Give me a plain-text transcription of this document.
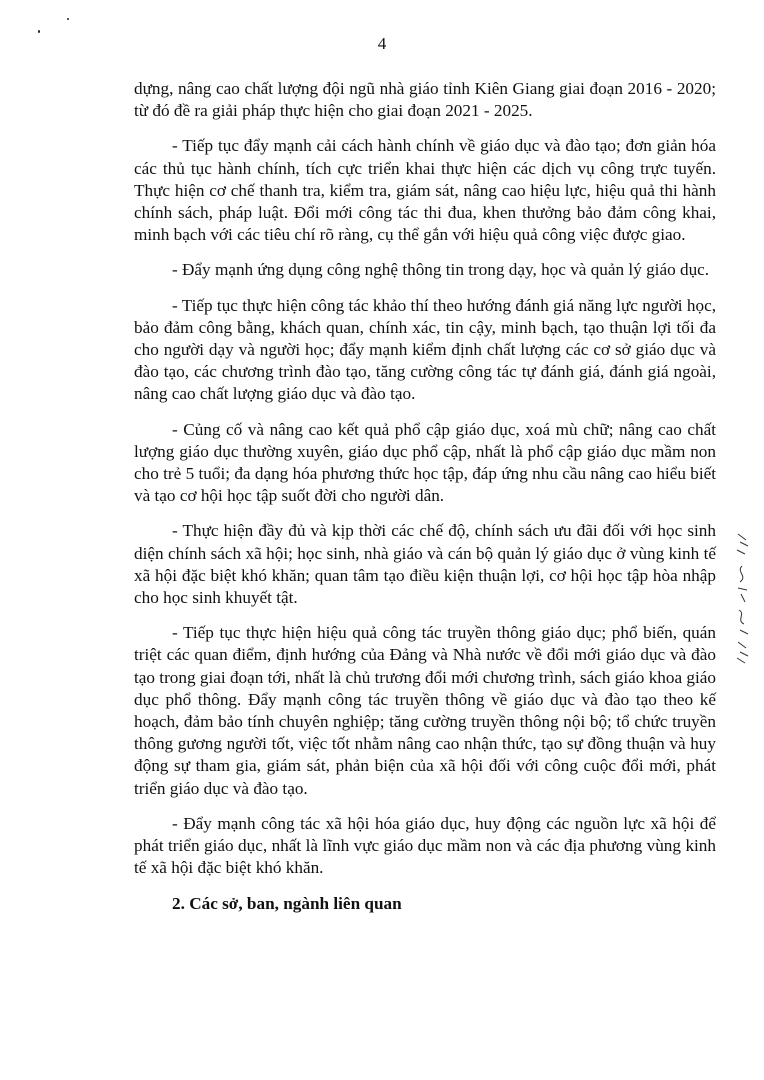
4

dựng, nâng cao chất lượng đội ngũ nhà giáo tỉnh Kiên Giang giai đoạn 2016 - 2020; từ đó đề ra giải pháp thực hiện cho giai đoạn 2021 - 2025.

- Tiếp tục đẩy mạnh cải cách hành chính về giáo dục và đào tạo; đơn giản hóa các thủ tục hành chính, tích cực triển khai thực hiện các dịch vụ công trực tuyến. Thực hiện cơ chế thanh tra, kiểm tra, giám sát, nâng cao hiệu lực, hiệu quả thi hành chính sách, pháp luật. Đổi mới công tác thi đua, khen thưởng bảo đảm công khai, minh bạch với các tiêu chí rõ ràng, cụ thể gắn với hiệu quả công việc được giao.

- Đẩy mạnh ứng dụng công nghệ thông tin trong dạy, học và quản lý giáo dục.

- Tiếp tục thực hiện công tác khảo thí theo hướng đánh giá năng lực người học, bảo đảm công bằng, khách quan, chính xác, tin cậy, minh bạch, tạo thuận lợi tối đa cho người dạy và người học; đẩy mạnh kiểm định chất lượng các cơ sở giáo dục và đào tạo, các chương trình đào tạo, tăng cường công tác tự đánh giá, đánh giá ngoài, nâng cao chất lượng giáo dục và đào tạo.

- Củng cố và nâng cao kết quả phổ cập giáo dục, xoá mù chữ; nâng cao chất lượng giáo dục thường xuyên, giáo dục phổ cập, nhất là phổ cập giáo dục mầm non cho trẻ 5 tuổi; đa dạng hóa phương thức học tập, đáp ứng nhu cầu nâng cao hiểu biết và tạo cơ hội học tập suốt đời cho người dân.

- Thực hiện đầy đủ và kịp thời các chế độ, chính sách ưu đãi đối với học sinh diện chính sách xã hội; học sinh, nhà giáo và cán bộ quản lý giáo dục ở vùng kinh tế xã hội đặc biệt khó khăn; quan tâm tạo điều kiện thuận lợi, cơ hội học tập hòa nhập cho học sinh khuyết tật.

- Tiếp tục thực hiện hiệu quả công tác truyền thông giáo dục; phổ biến, quán triệt các quan điểm, định hướng của Đảng và Nhà nước về đổi mới giáo dục và đào tạo trong giai đoạn tới, nhất là chủ trương đổi mới chương trình, sách giáo khoa giáo dục phổ thông. Đẩy mạnh công tác truyền thông về giáo dục và đào tạo theo kế hoạch, đảm bảo tính chuyên nghiệp; tăng cường truyền thông nội bộ; tổ chức truyền thông gương người tốt, việc tốt nhằm nâng cao nhận thức, tạo sự đồng thuận và huy động sự tham gia, giám sát, phản biện của xã hội đối với công cuộc đổi mới, phát triển giáo dục và đào tạo.

- Đẩy mạnh công tác xã hội hóa giáo dục, huy động các nguồn lực xã hội để phát triển giáo dục, nhất là lĩnh vực giáo dục mầm non và các địa phương vùng kinh tế xã hội đặc biệt khó khăn.

2. Các sở, ban, ngành liên quan
